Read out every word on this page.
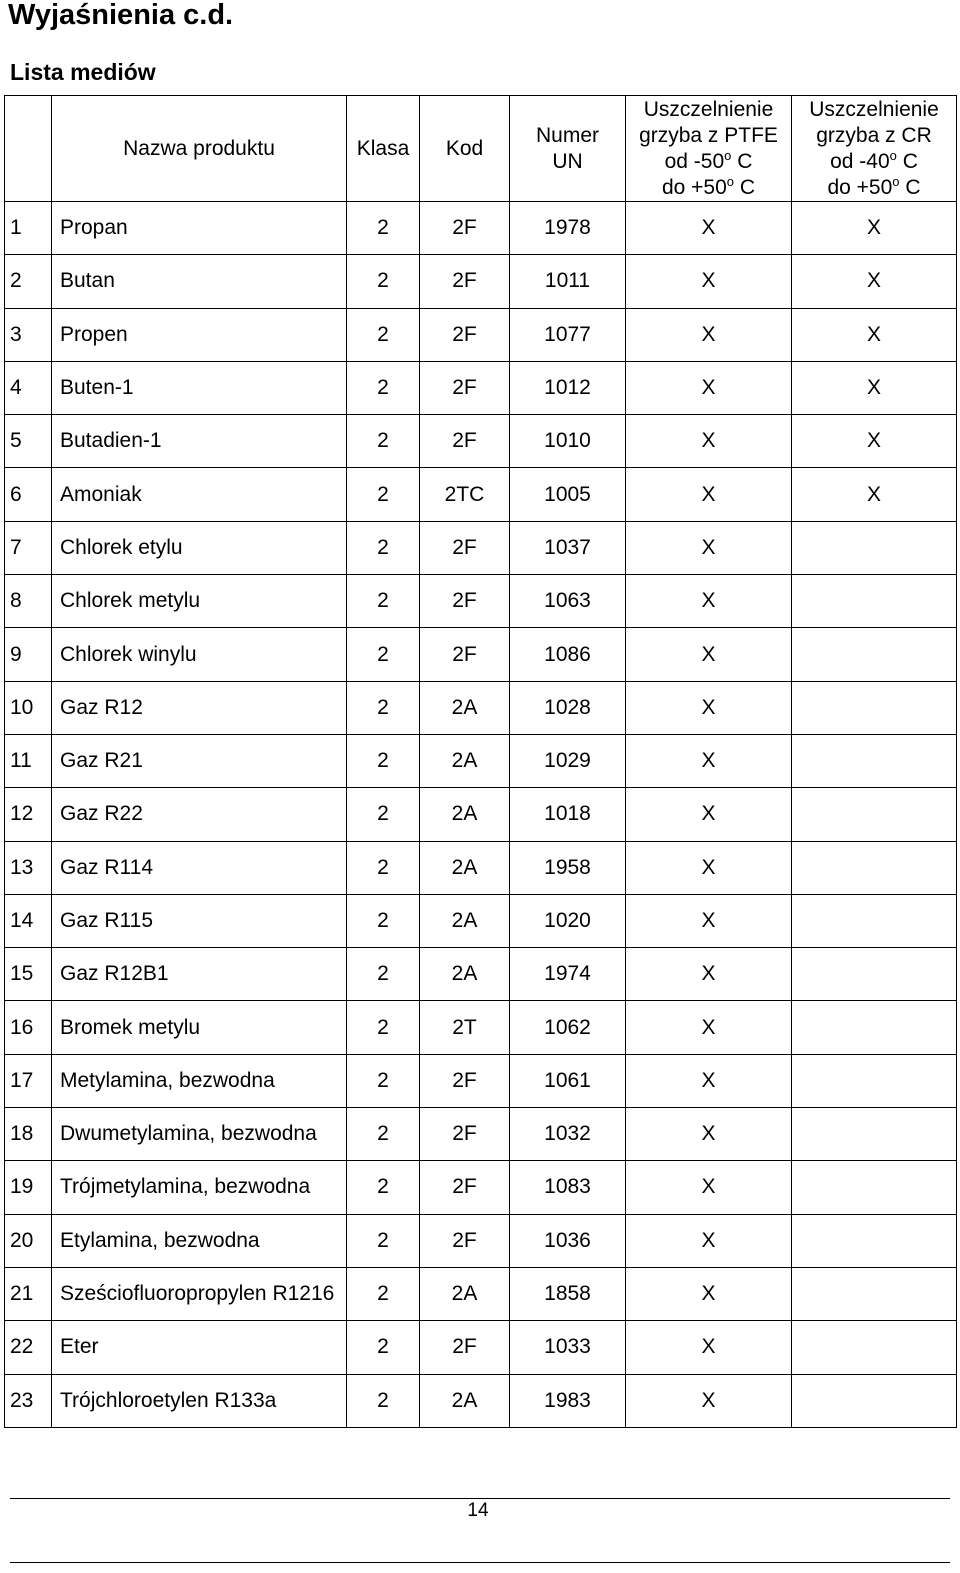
Wyjaśnienia c.d.
Lista mediów
	Nazwa produktu	Klasa	Kod	Numer
UN	Uszczelnienie
grzyba z PTFE
od -50$^o$ C
do $+50^o$ C	Uszczelnienie
grzyba z CR
od -40$^o$ C
do $+50^o$ C
1	Propan	2	2F	1978	X	X
2	Butan	2	2F	1011	X	X
3	Propen	2	2F	1077	X	X
4	Buten-1	2	2F	1012	X	X
5	Butadien-1	2	2F	1010	X	X
6	Amoniak	2	2TC	1005	X	X
7	Chlorek etylu	2	2F	1037	X	
8	Chlorek metylu	2	2F	1063	X	
9	Chlorek winylu	2	2F	1086	X	
10	Gaz R12	2	2A	1028	X	
11	Gaz R21	2	2A	1029	X	
12	Gaz R22	2	2A	1018	X	
13	Gaz R114	2	2A	1958	X	
14	Gaz R115	2	2A	1020	X	
15	Gaz R12B1	2	2A	1974	X	
16	Bromek metylu	2	2T	1062	X	
17	Metylamina, bezwodna	2	2F	1061	X	
18	Dwumetylamina, bezwodna	2	2F	1032	X	
19	Trójmetylamina, bezwodna	2	2F	1083	X	
20	Etylamina, bezwodna	2	2F	1036	X	
21	Sześciofluoropropylen R1216	2	2A	1858	X	
22	Eter	2	2F	1033	X	
23	Trójchloroetylen R133a	2	2A	1983	X	
14
